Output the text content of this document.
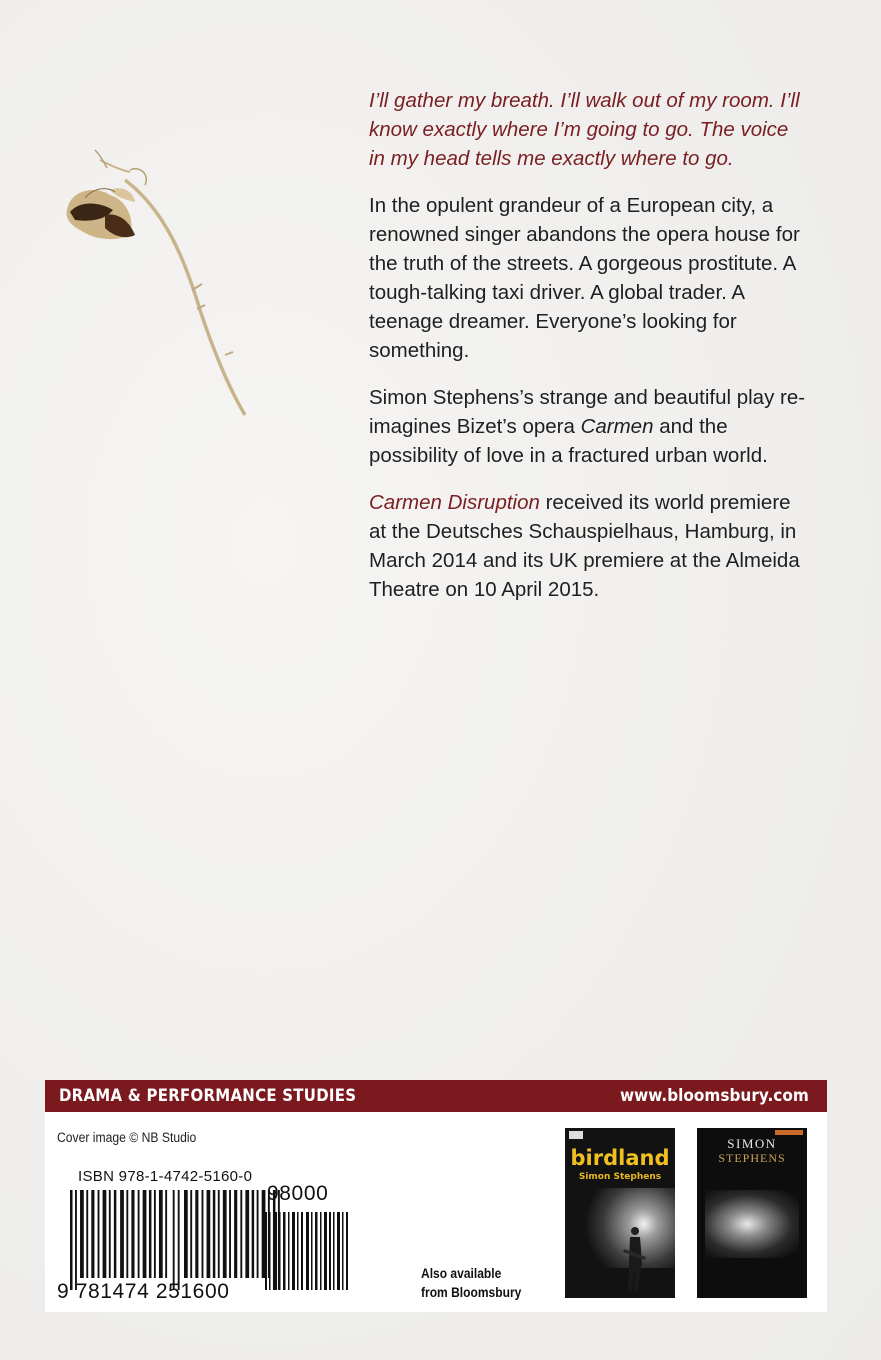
I’ll gather my breath. I’ll walk out of my room. I’ll know exactly where I’m going to go. The voice in my head tells me exactly where to go.

In the opulent grandeur of a European city, a renowned singer abandons the opera house for the truth of the streets. A gorgeous prostitute. A tough-talking taxi driver. A global trader. A teenage dreamer. Everyone’s looking for something.

Simon Stephens’s strange and beautiful play re-imagines Bizet’s opera Carmen and the possibility of love in a fractured urban world.

Carmen Disruption received its world premiere at the Deutsches Schauspielhaus, Hamburg, in March 2014 and its UK premiere at the Almeida Theatre on 10 April 2015.

DRAMA & PERFORMANCE STUDIES	www.bloomsbury.com
Cover image © NB Studio
ISBN 978-1-4742-5160-0
98000
9 781474 251600
Also available
from Bloomsbury
birdland
Simon Stephens
SIMON
STEPHENS
